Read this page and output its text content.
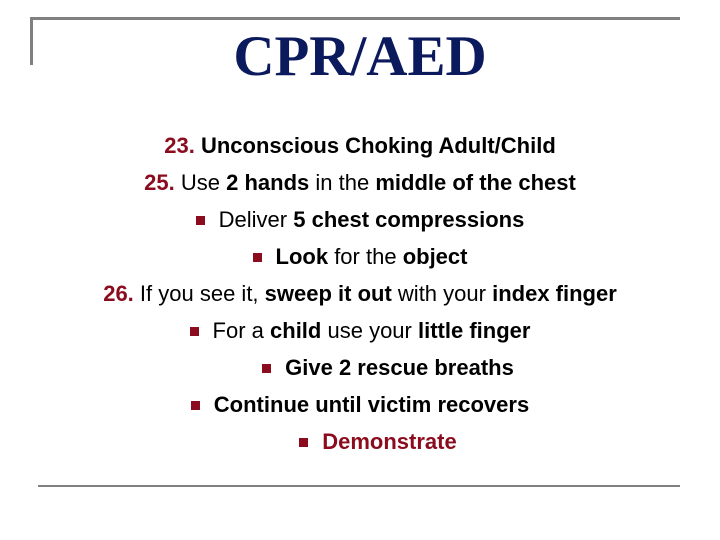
CPR/AED
23. Unconscious Choking Adult/Child
25. Use 2 hands in the middle of the chest
Deliver 5 chest compressions
Look for the object
26. If you see it, sweep it out with your index finger
For a child use your little finger
Give 2 rescue breaths
Continue until victim recovers
Demonstrate
